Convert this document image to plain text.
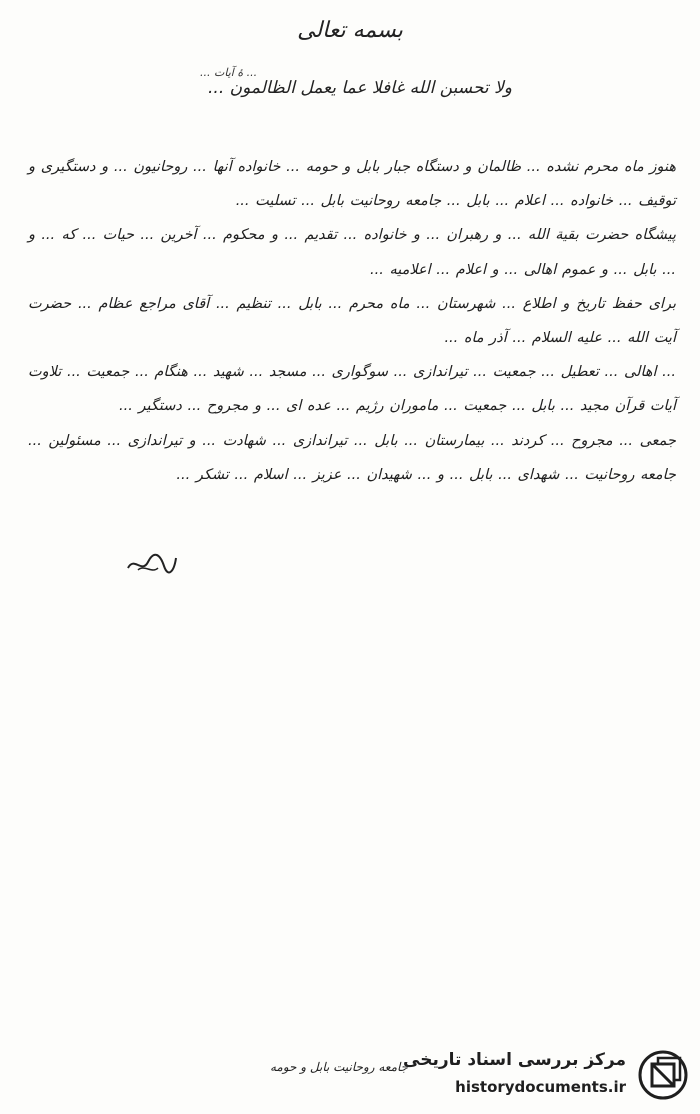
بسمه تعالی
... ۀ آیات ...
ولا تحسبن الله غافلا عما یعمل الظالمون ...

هنوز ماه محرم نشده ... ظالمان و دستگاه جبار بابل و حومه ... خانواده آنها ... روحانیون ... و دستگیری و توقیف ... خانواده ... اعلام ... بابل ... جامعه روحانیت بابل ... تسلیت ...

پیشگاه حضرت بقیة الله ... و رهبران ... و خانواده ... تقدیم ... و محکوم ... آخرین ... حیات ... که ... و ... بابل ... و عموم اهالی ... و اعلام ... اعلامیه ...

برای حفظ تاریخ و اطلاع ... شهرستان ... ماه محرم ... بابل ... تنظیم ... آقای مراجع عظام ... حضرت آیت الله ... علیه السلام ... آذر ماه ...

... اهالی ... تعطیل ... جمعیت ... تیراندازی ... سوگواری ... مسجد ... شهید ... هنگام ... جمعیت ... تلاوت آیات قرآن مجید ... بابل ... جمعیت ... ماموران رژیم ... عده ای ... و مجروح ... دستگیر ...

جمعی ... مجروح ... کردند ... بیمارستان ... بابل ... تیراندازی ... شهادت ... و تیراندازی ... مسئولین ... جامعه روحانیت ... شهدای ... بابل ... و ... شهیدان ... عزیز ... اسلام ... تشکر ...

جامعه روحانیت بابل و حومه
مرکز بررسی اسناد تاریخی
historydocuments.ir
